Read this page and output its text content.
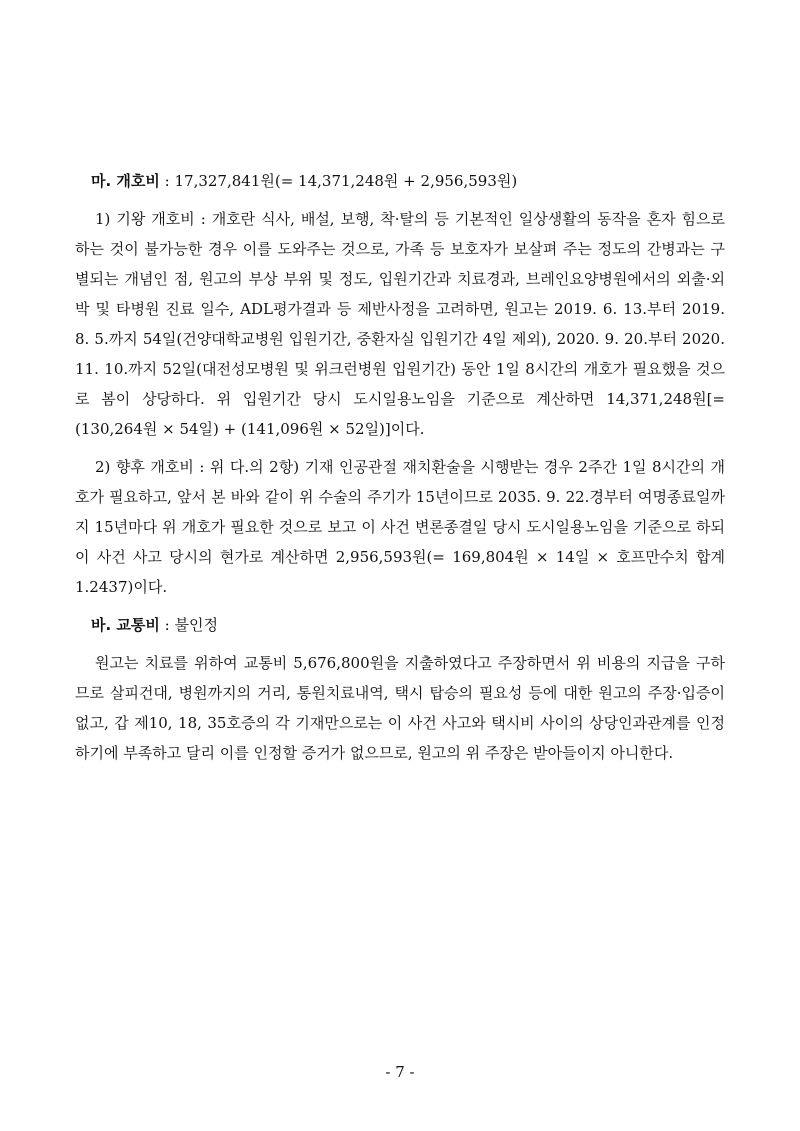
마. 개호비 : 17,327,841원(= 14,371,248원 + 2,956,593원)

1) 기왕 개호비 : 개호란 식사, 배설, 보행, 착·탈의 등 기본적인 일상생활의 동작을 혼자 힘으로 하는 것이 불가능한 경우 이를 도와주는 것으로, 가족 등 보호자가 보살펴 주는 정도의 간병과는 구별되는 개념인 점, 원고의 부상 부위 및 정도, 입원기간과 치료경과, 브레인요양병원에서의 외출·외박 및 타병원 진료 일수, ADL평가결과 등 제반사정을 고려하면, 원고는 2019. 6. 13.부터 2019. 8. 5.까지 54일(건양대학교병원 입원기간, 중환자실 입원기간 4일 제외), 2020. 9. 20.부터 2020. 11. 10.까지 52일(대전성모병원 및 위크런병원 입원기간) 동안 1일 8시간의 개호가 필요했을 것으로 봄이 상당하다. 위 입원기간 당시 도시일용노임을 기준으로 계산하면 14,371,248원[= (130,264원 × 54일) + (141,096원 × 52일)]이다.

2) 향후 개호비 : 위 다.의 2항) 기재 인공관절 재치환술을 시행받는 경우 2주간 1일 8시간의 개호가 필요하고, 앞서 본 바와 같이 위 수술의 주기가 15년이므로 2035. 9. 22.경부터 여명종료일까지 15년마다 위 개호가 필요한 것으로 보고 이 사건 변론종결일 당시 도시일용노임을 기준으로 하되 이 사건 사고 당시의 현가로 계산하면 2,956,593원(= 169,804원 × 14일 × 호프만수치 합계 1.2437)이다.

바. 교통비 : 불인정

원고는 치료를 위하여 교통비 5,676,800원을 지출하였다고 주장하면서 위 비용의 지급을 구하므로 살피건대, 병원까지의 거리, 통원치료내역, 택시 탑승의 필요성 등에 대한 원고의 주장·입증이 없고, 갑 제10, 18, 35호증의 각 기재만으로는 이 사건 사고와 택시비 사이의 상당인과관계를 인정하기에 부족하고 달리 이를 인정할 증거가 없으므로, 원고의 위 주장은 받아들이지 아니한다.

- 7 -
